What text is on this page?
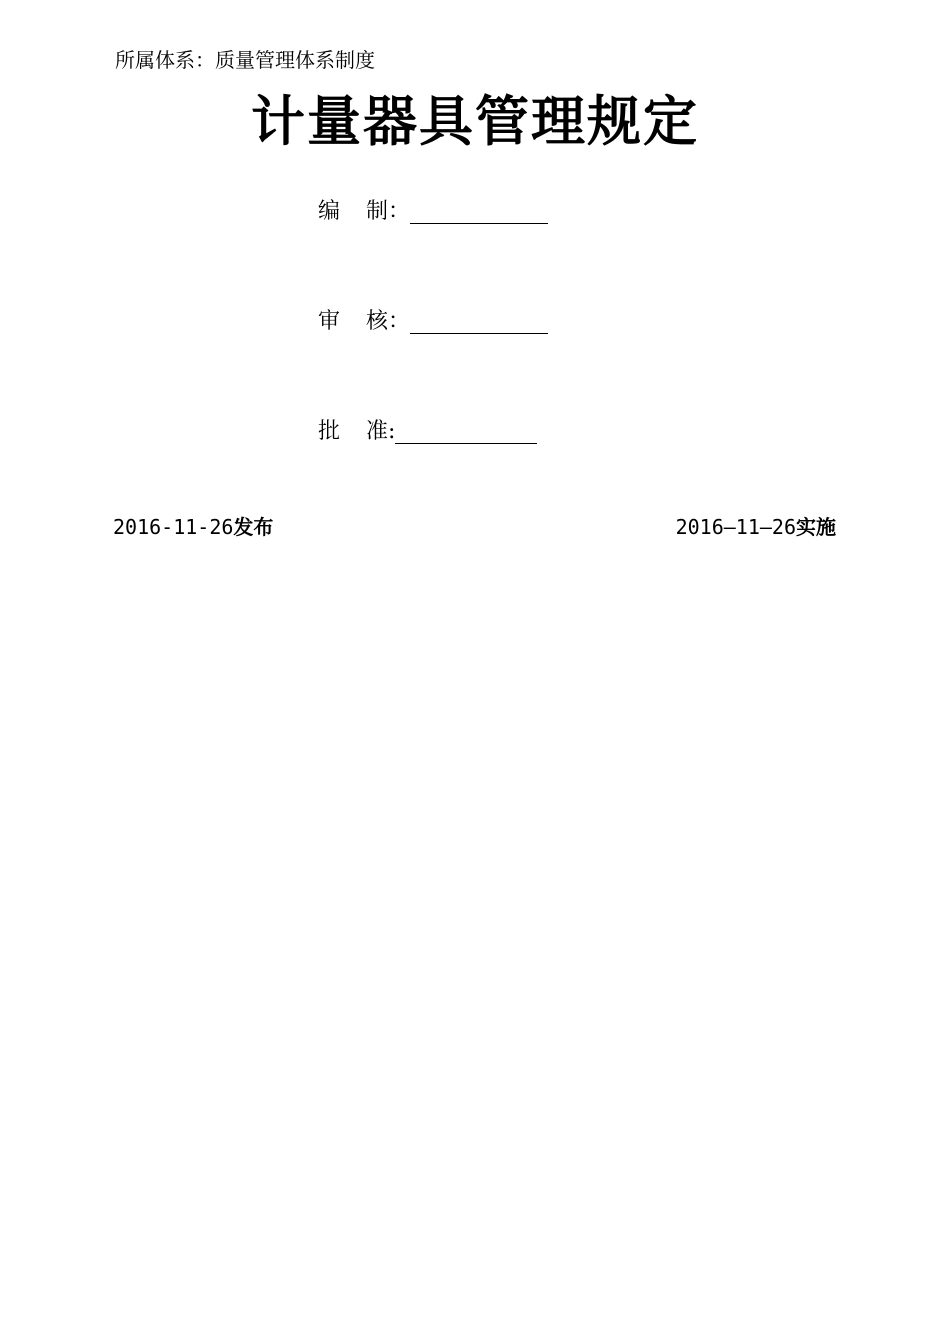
所属体系：质量管理体系制度
计量器具管理规定
编 制：
审 核：
批 准:
2016-11-26发布	2016—11—26实施
